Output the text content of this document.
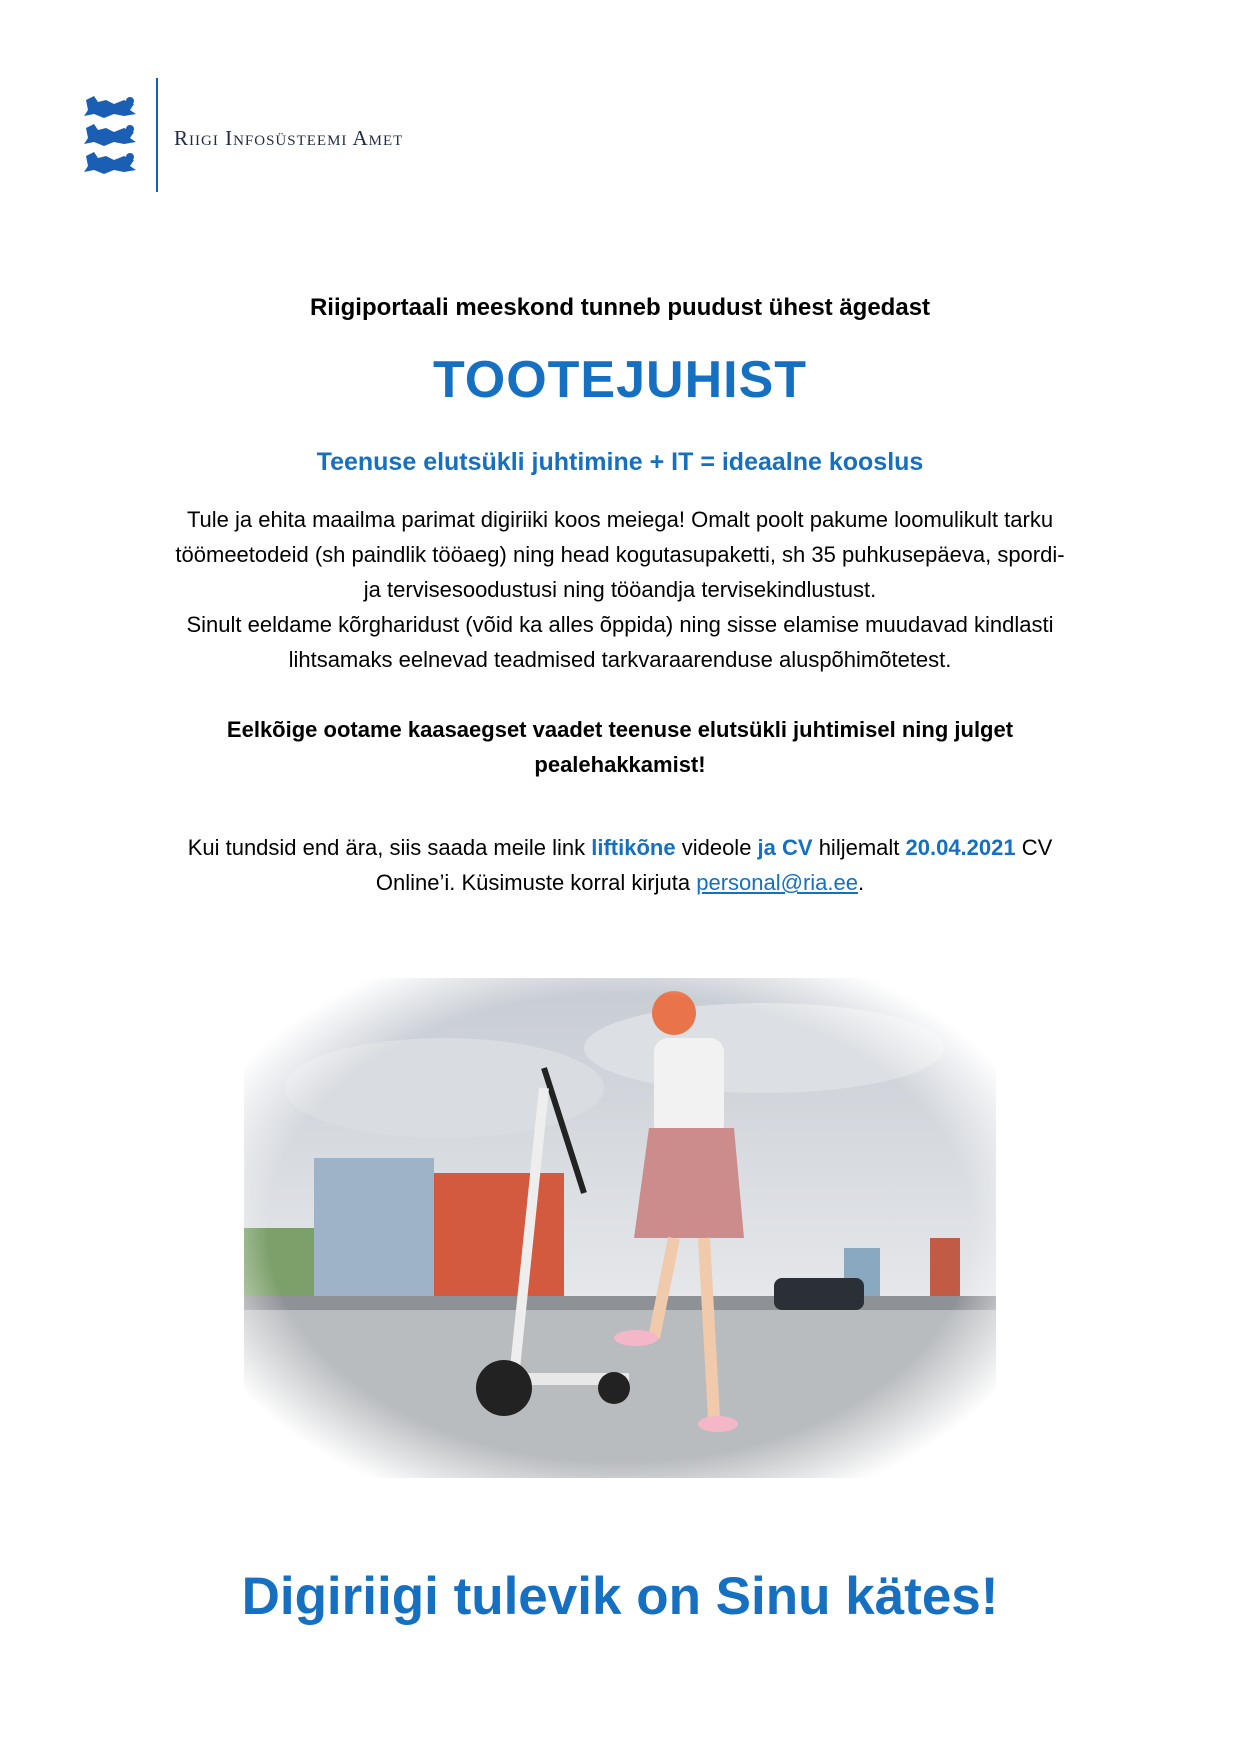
Riigi Infosüsteemi Amet
Riigiportaali meeskond tunneb puudust ühest ägedast
TOOTEJUHIST
Teenuse elutsükli juhtimine + IT = ideaalne kooslus
Tule ja ehita maailma parimat digiriiki koos meiega! Omalt poolt pakume loomulikult tarku
töömeetodeid (sh paindlik tööaeg) ning head kogutasupaketti, sh 35 puhkusepäeva, spordi-
ja tervisesoodustusi ning tööandja tervisekindlustust.
Sinult eeldame kõrgharidust (võid ka alles õppida) ning sisse elamise muudavad kindlasti
lihtsamaks eelnevad teadmised tarkvaraarenduse aluspõhimõtetest.
Eelkõige ootame kaasaegset vaadet teenuse elutsükli juhtimisel ning julget
pealehakkamist!
Kui tundsid end ära, siis saada meile link liftikõne videole ja CV hiljemalt 20.04.2021 CV
Online’i. Küsimuste korral kirjuta personal@ria.ee.
Digiriigi tulevik on Sinu kätes!
